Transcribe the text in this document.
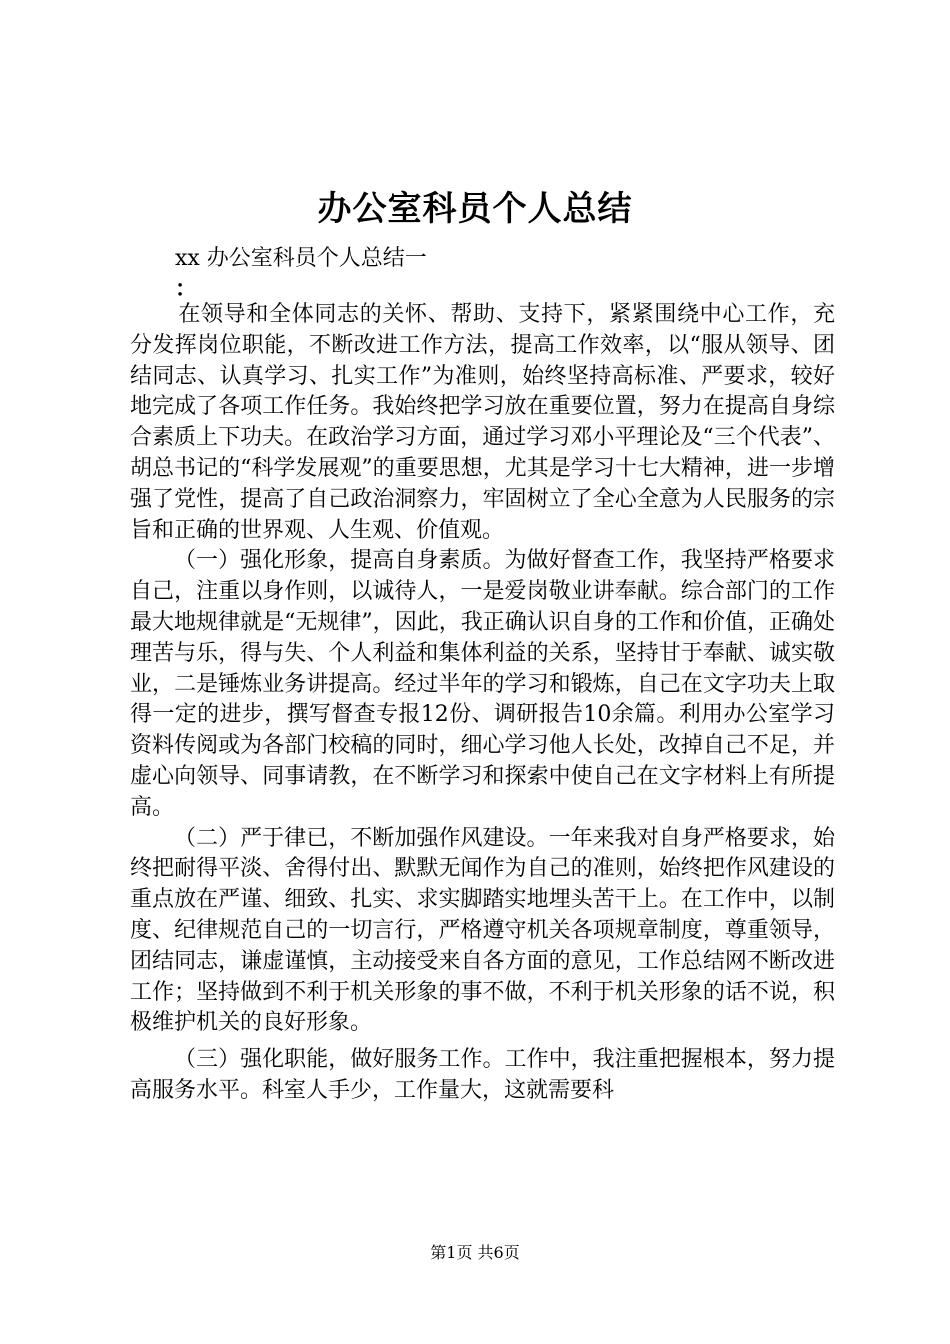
办公室科员个人总结
xx 办公室科员个人总结一
：

在领导和全体同志的关怀、帮助、支持下，紧紧围绕中心工作，充分发挥岗位职能，不断改进工作方法，提高工作效率，以“服从领导、团结同志、认真学习、扎实工作”为准则，始终坚持高标准、严要求，较好地完成了各项工作任务。我始终把学习放在重要位置，努力在提高自身综合素质上下功夫。在政治学习方面，通过学习邓小平理论及“三个代表”、胡总书记的“科学发展观”的重要思想，尤其是学习十七大精神，进一步增强了党性，提高了自己政治洞察力，牢固树立了全心全意为人民服务的宗旨和正确的世界观、人生观、价值观。

（一）强化形象，提高自身素质。为做好督查工作，我坚持严格要求自己，注重以身作则，以诚待人，一是爱岗敬业讲奉献。综合部门的工作最大地规律就是“无规律”，因此，我正确认识自身的工作和价值，正确处理苦与乐，得与失、个人利益和集体利益的关系，坚持甘于奉献、诚实敬业，二是锤炼业务讲提高。经过半年的学习和锻炼，自己在文字功夫上取得一定的进步，撰写督查专报12份、调研报告10余篇。利用办公室学习资料传阅或为各部门校稿的同时，细心学习他人长处，改掉自己不足，并虚心向领导、同事请教，在不断学习和探索中使自己在文字材料上有所提高。

（二）严于律已，不断加强作风建设。一年来我对自身严格要求，始终把耐得平淡、舍得付出、默默无闻作为自己的准则，始终把作风建设的重点放在严谨、细致、扎实、求实脚踏实地埋头苦干上。在工作中，以制度、纪律规范自己的一切言行，严格遵守机关各项规章制度，尊重领导，团结同志，谦虚谨慎，主动接受来自各方面的意见，工作总结网不断改进工作；坚持做到不利于机关形象的事不做，不利于机关形象的话不说，积极维护机关的良好形象。

（三）强化职能，做好服务工作。工作中，我注重把握根本，努力提高服务水平。科室人手少，工作量大，这就需要科

第1页 共6页
